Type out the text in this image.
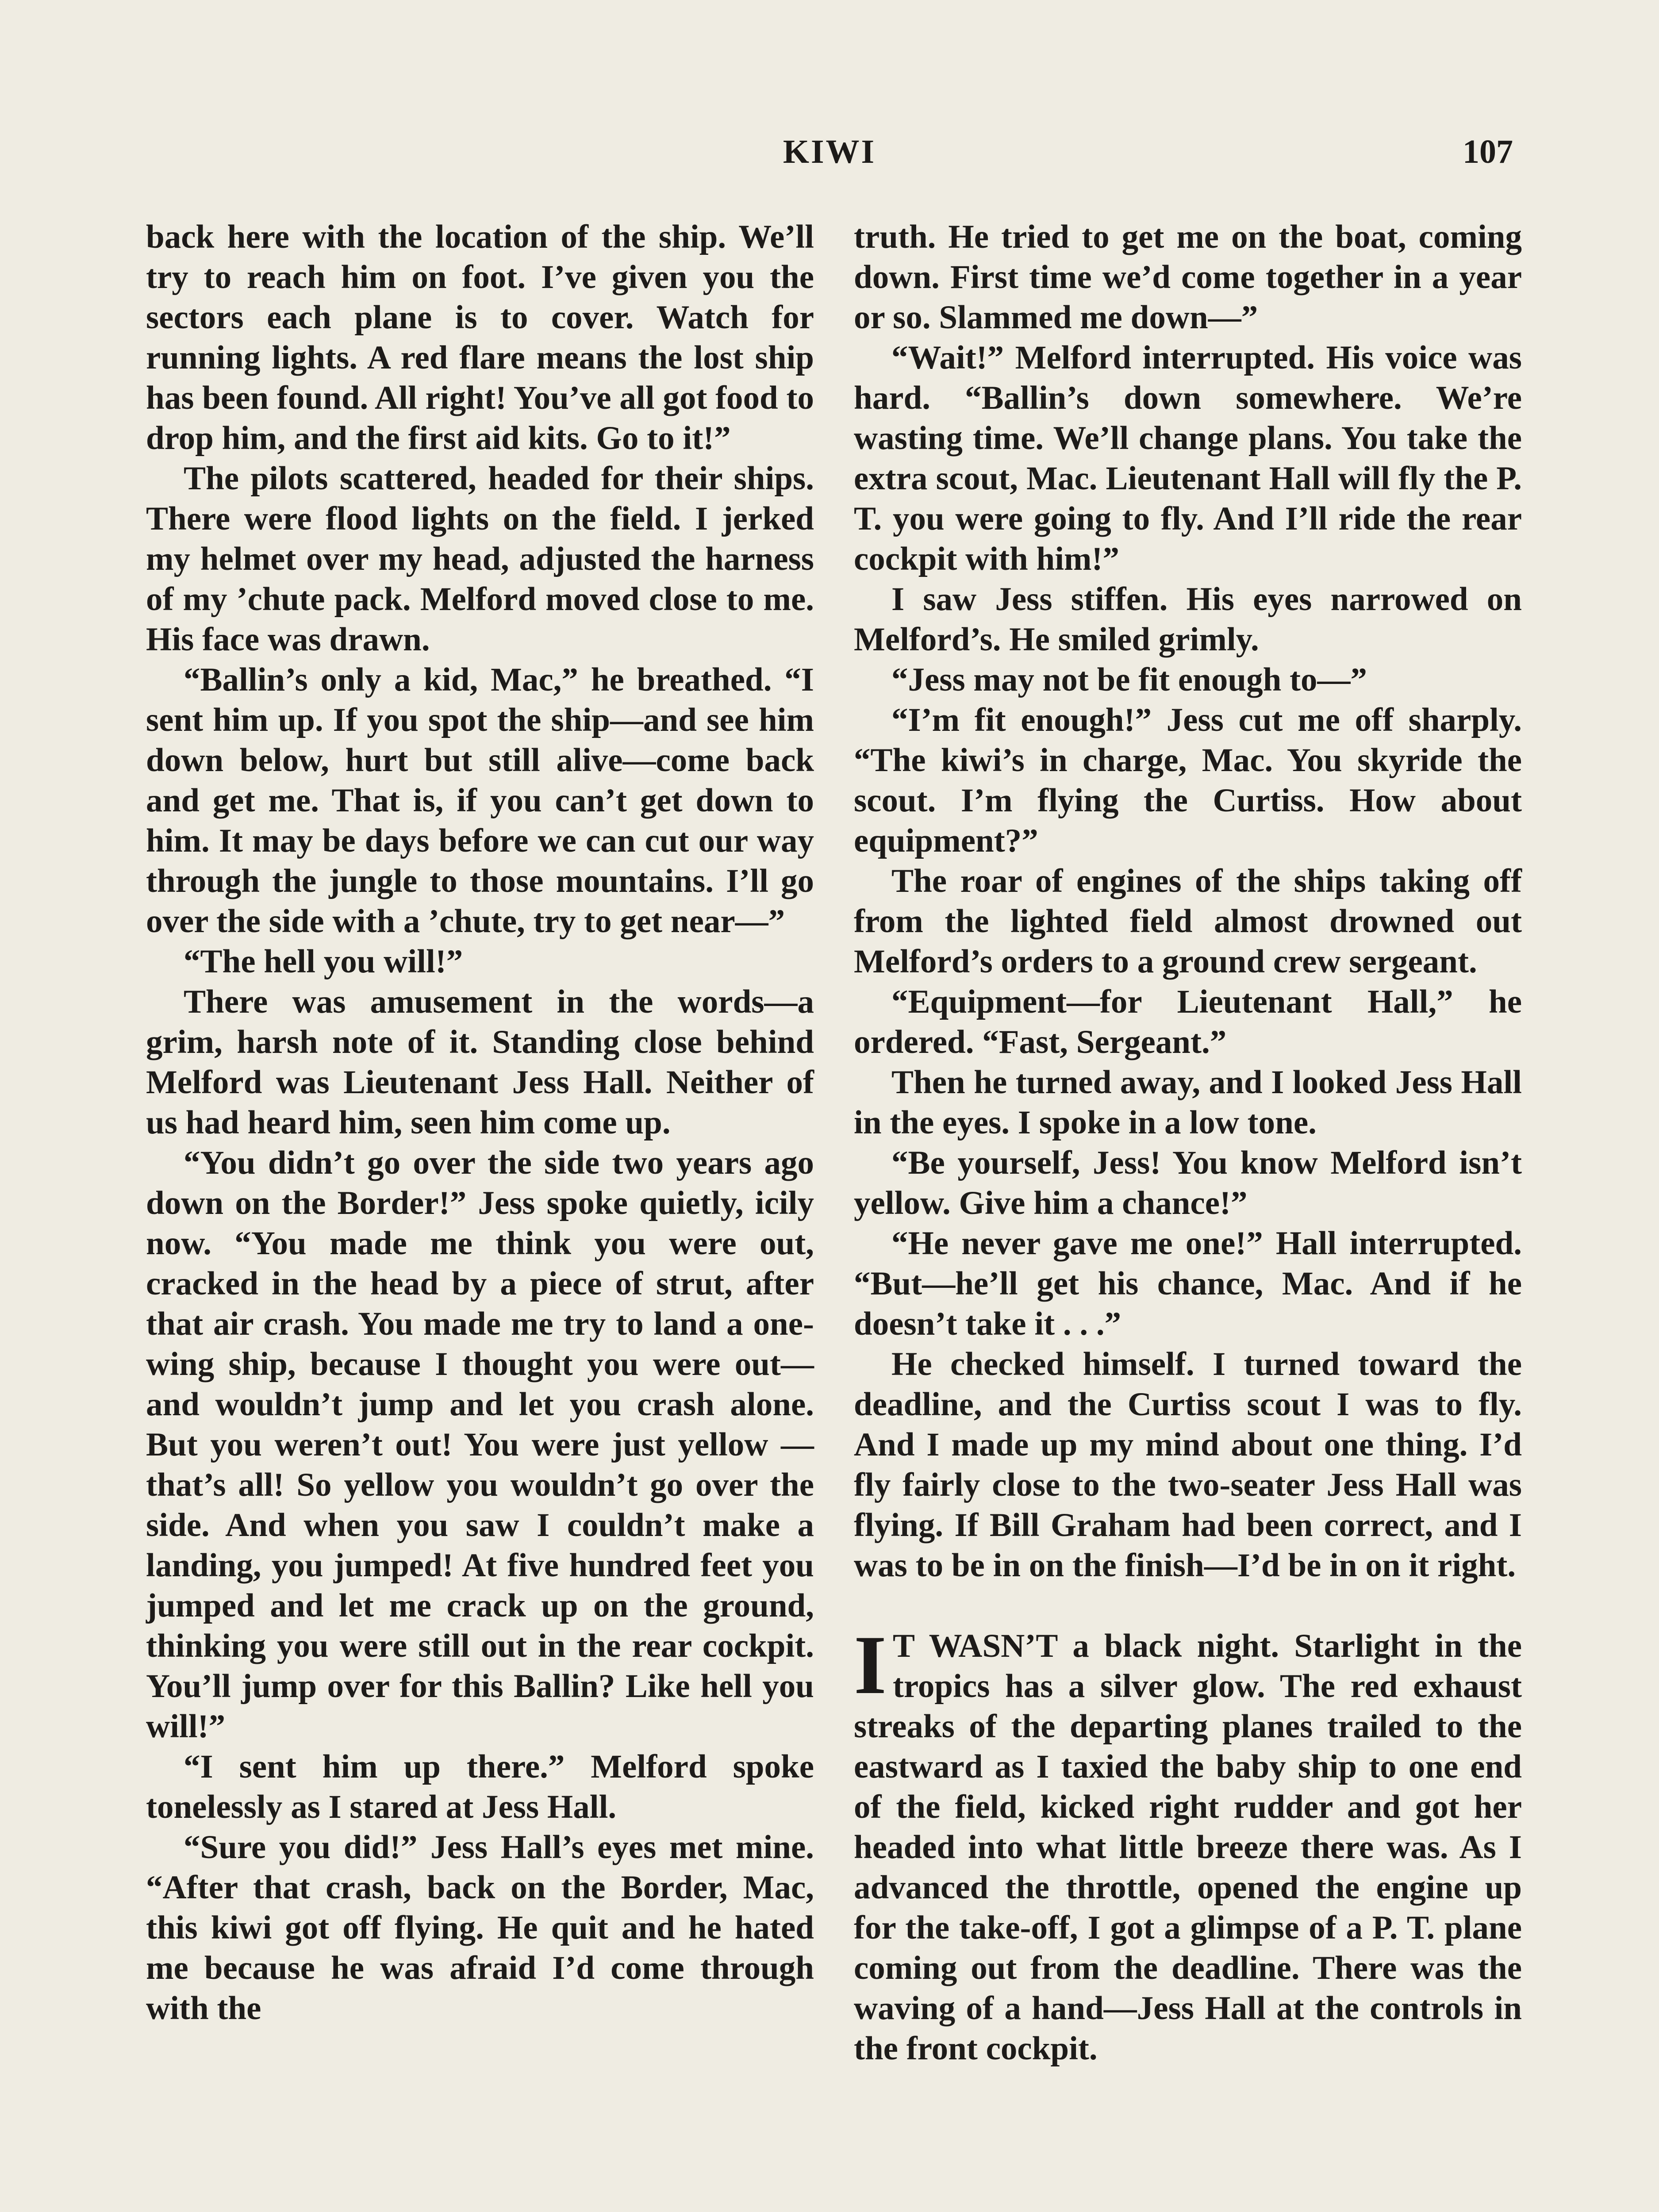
KIWI	107

back here with the location of the ship. We’ll try to reach him on foot. I’ve given you the sectors each plane is to cover. Watch for running lights. A red flare means the lost ship has been found. All right! You’ve all got food to drop him, and the first aid kits. Go to it!”

The pilots scattered, headed for their ships. There were flood lights on the field. I jerked my helmet over my head, adjusted the harness of my ’chute pack. Melford moved close to me. His face was drawn.

“Ballin’s only a kid, Mac,” he breathed. “I sent him up. If you spot the ship—and see him down below, hurt but still alive—come back and get me. That is, if you can’t get down to him. It may be days before we can cut our way through the jungle to those mountains. I’ll go over the side with a ’chute, try to get near—”

“The hell you will!”

There was amusement in the words—a grim, harsh note of it. Standing close behind Melford was Lieutenant Jess Hall. Neither of us had heard him, seen him come up.

“You didn’t go over the side two years ago down on the Border!” Jess spoke quietly, icily now. “You made me think you were out, cracked in the head by a piece of strut, after that air crash. You made me try to land a one-wing ship, because I thought you were out—and wouldn’t jump and let you crash alone. But you weren’t out! You were just yellow — that’s all! So yellow you wouldn’t go over the side. And when you saw I couldn’t make a landing, you jumped! At five hundred feet you jumped and let me crack up on the ground, thinking you were still out in the rear cockpit. You’ll jump over for this Ballin? Like hell you will!”

“I sent him up there.” Melford spoke tonelessly as I stared at Jess Hall.

“Sure you did!” Jess Hall’s eyes met mine. “After that crash, back on the Border, Mac, this kiwi got off flying. He quit and he hated me because he was afraid I’d come through with the

truth. He tried to get me on the boat, coming down. First time we’d come together in a year or so. Slammed me down—”

“Wait!” Melford interrupted. His voice was hard. “Ballin’s down somewhere. We’re wasting time. We’ll change plans. You take the extra scout, Mac. Lieutenant Hall will fly the P. T. you were going to fly. And I’ll ride the rear cockpit with him!”

I saw Jess stiffen. His eyes narrowed on Melford’s. He smiled grimly.

“Jess may not be fit enough to—”

“I’m fit enough!” Jess cut me off sharply. “The kiwi’s in charge, Mac. You skyride the scout. I’m flying the Curtiss. How about equipment?”

The roar of engines of the ships taking off from the lighted field almost drowned out Melford’s orders to a ground crew sergeant.

“Equipment—for Lieutenant Hall,” he ordered. “Fast, Sergeant.”

Then he turned away, and I looked Jess Hall in the eyes. I spoke in a low tone.

“Be yourself, Jess! You know Melford isn’t yellow. Give him a chance!”

“He never gave me one!” Hall interrupted. “But—he’ll get his chance, Mac. And if he doesn’t take it . . .”

He checked himself. I turned toward the deadline, and the Curtiss scout I was to fly. And I made up my mind about one thing. I’d fly fairly close to the two-seater Jess Hall was flying. If Bill Graham had been correct, and I was to be in on the finish—I’d be in on it right.

I T WASN’T a black night. Starlight in the tropics has a silver glow. The red exhaust streaks of the departing planes trailed to the eastward as I taxied the baby ship to one end of the field, kicked right rudder and got her headed into what little breeze there was. As I advanced the throttle, opened the engine up for the take-off, I got a glimpse of a P. T. plane coming out from the deadline. There was the waving of a hand—Jess Hall at the controls in the front cockpit.
